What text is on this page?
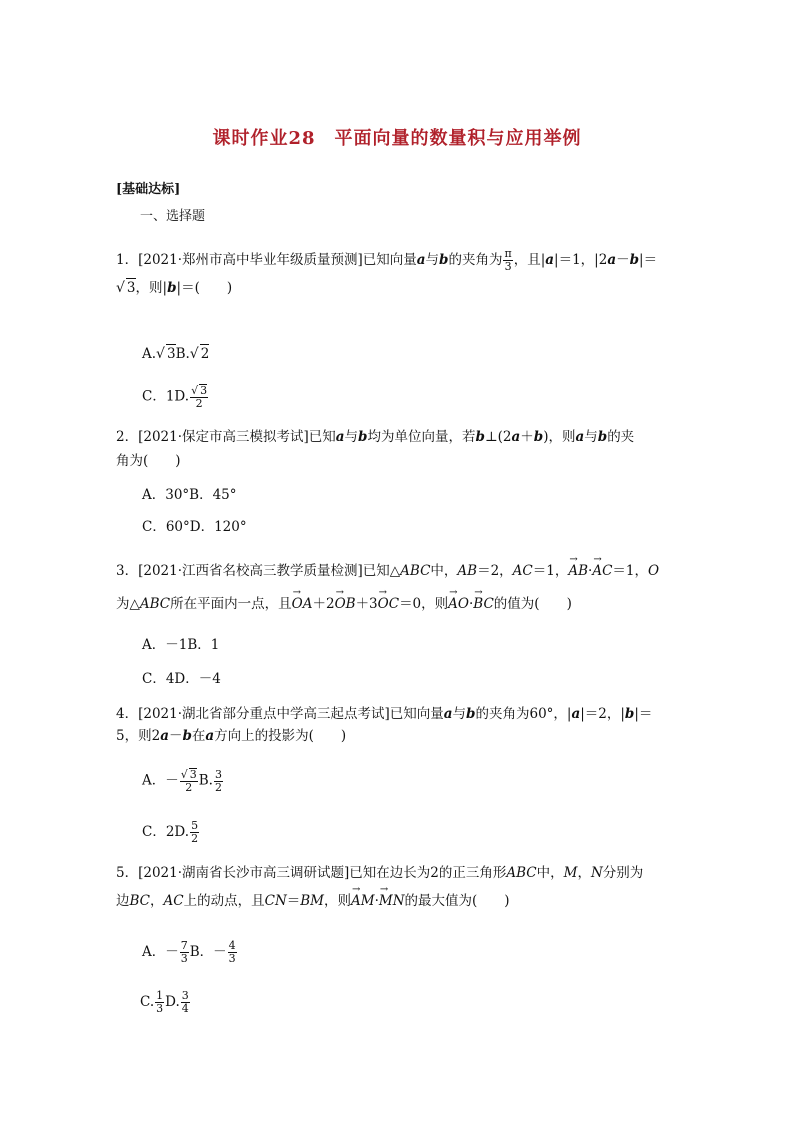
课时作业28　平面向量的数量积与应用举例
[基础达标]
一、选择题
1．[2021·郑州市高中毕业年级质量预测]已知向量a与b的夹角为 $\frac{\pi}{3}$ ，且|a|＝1，|2a－b|＝
√ 3，则|b|＝(　　)
A.√ 3B.√ 2
C．1D. $\frac{√ 3}{2}$
2．[2021·保定市高三模拟考试]已知a与b均为单位向量，若b⊥(2a＋b)，则a与b的夹
角为(　　)
A．30°B．45°
C．60°D．120°
3．[2021·江西省名校高三教学质量检测]已知△ABC中，AB＝2，AC＝1，→ AB·→ AC＝1，O
为△ABC所在平面内一点，且→ OA＋2→ OB＋3→ OC＝0，则→ AO·→ BC的值为(　　)
A．－1B．1
C．4D．－4
4．[2021·湖北省部分重点中学高三起点考试]已知向量a与b的夹角为60°，|a|＝2，|b|＝
5，则2a－b在a方向上的投影为(　　)
A．－ $\frac{√ 3}{2} B$. $\frac{3}{2}$
C．2D. $\frac{5}{2}$
5．[2021·湖南省长沙市高三调研试题]已知在边长为2的正三角形ABC中，M，N分别为
边BC，AC上的动点，且CN＝BM，则→ AM·→ MN的最大值为(　　)
A．－ $\frac{7}{3}$ B．－ $\frac{4}{3}$
C. $\frac{1}{3} D$. $\frac{3}{4}$
